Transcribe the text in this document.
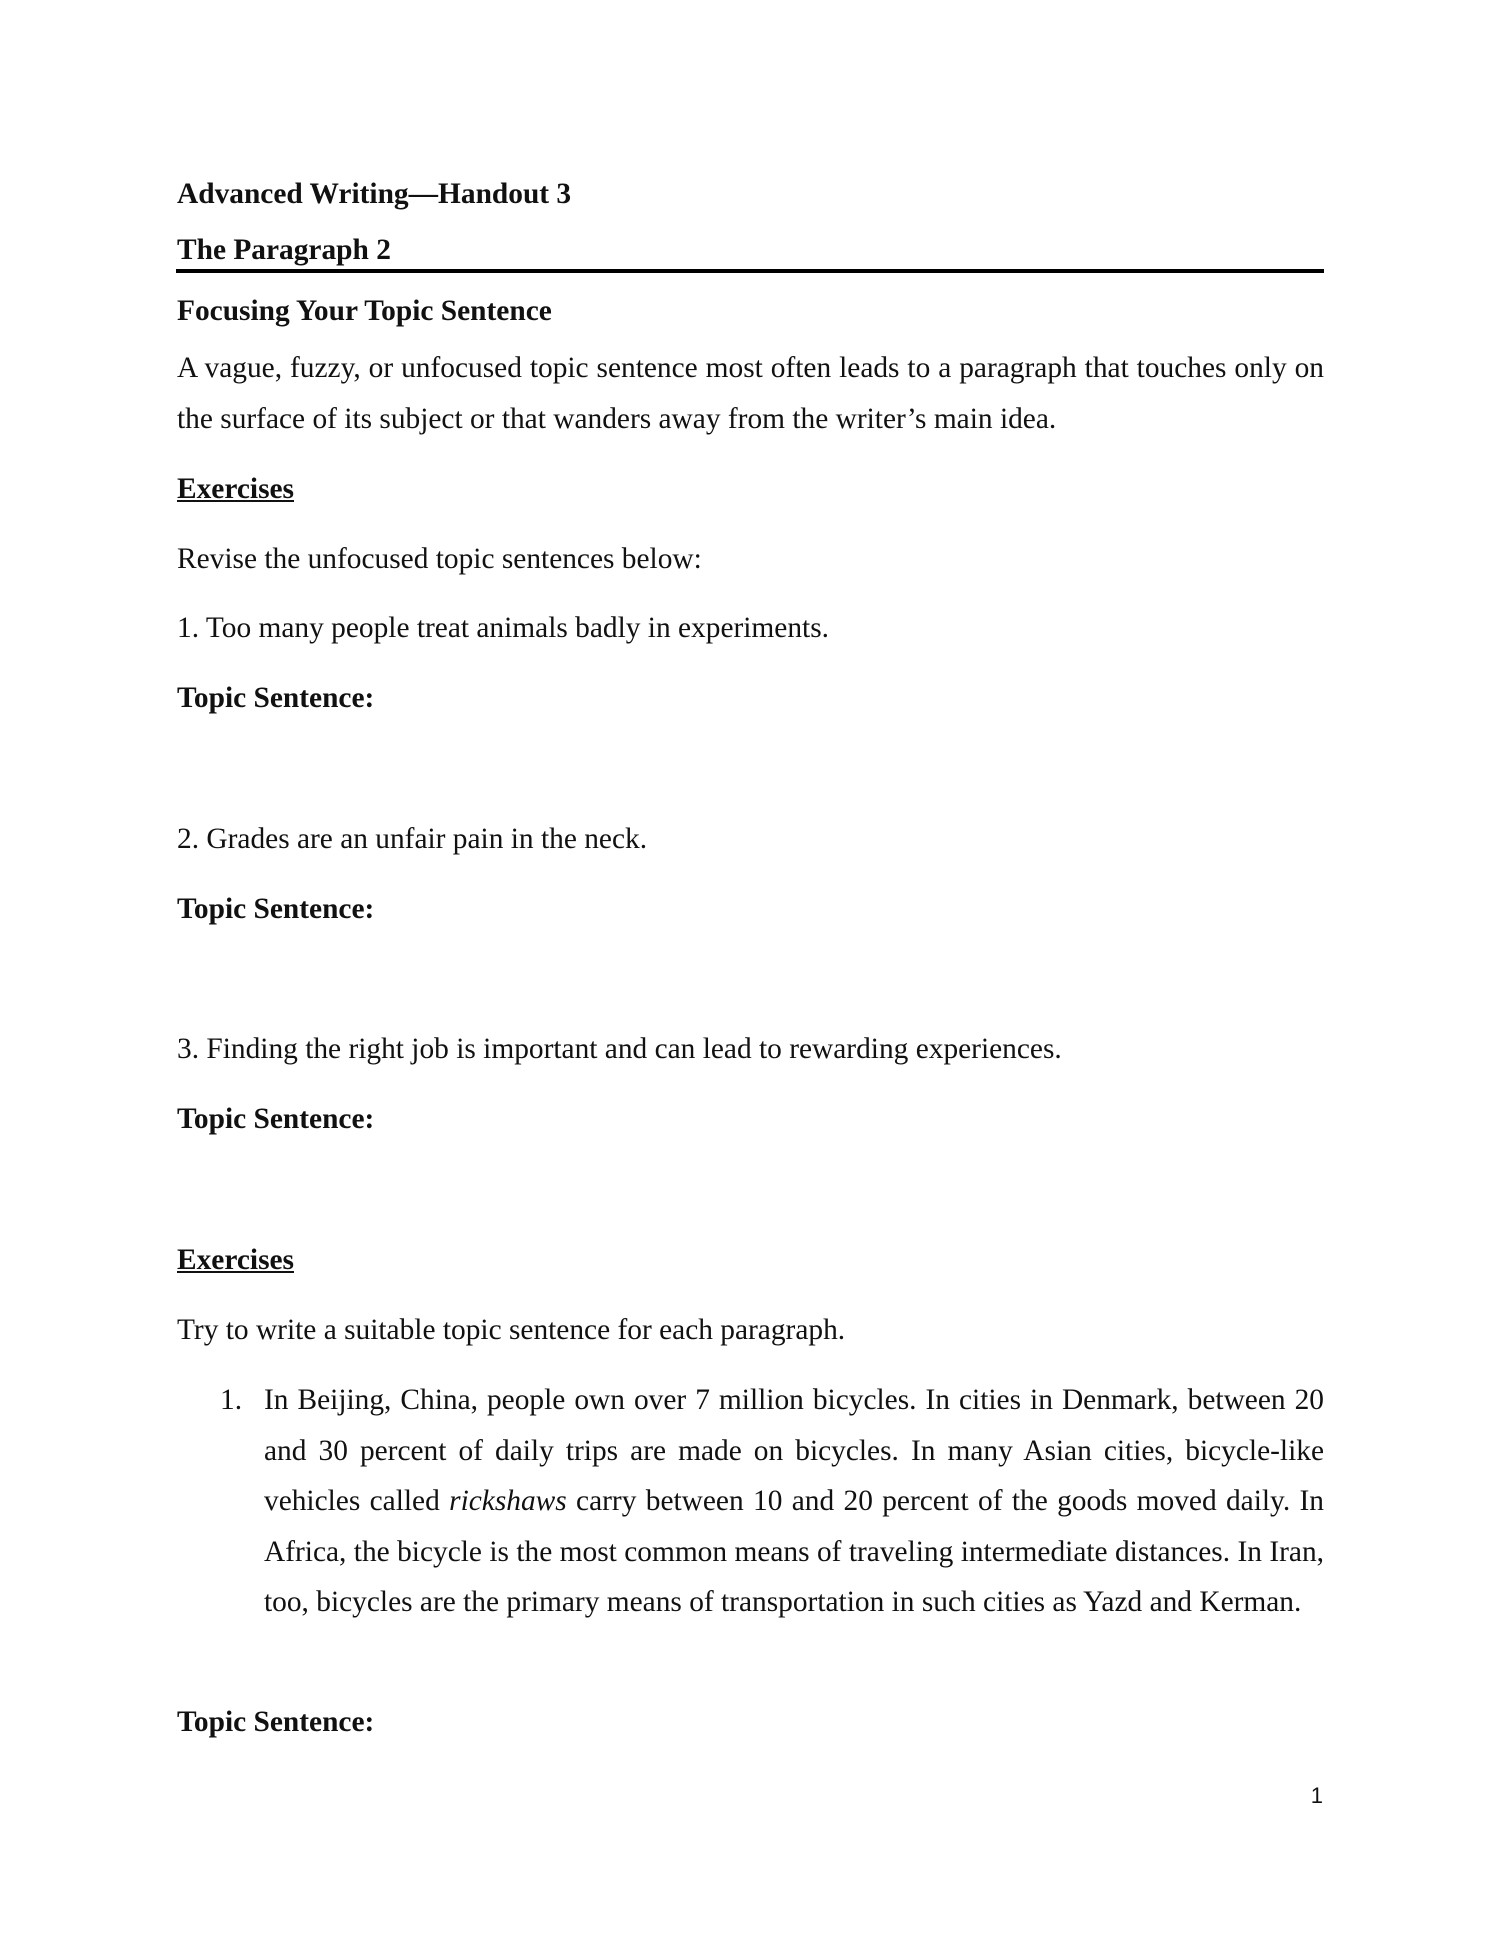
Advanced Writing—Handout 3
The Paragraph 2
Focusing Your Topic Sentence

A vague, fuzzy, or unfocused topic sentence most often leads to a paragraph that touches only on the surface of its subject or that wanders away from the writer’s main idea.

Exercises
Revise the unfocused topic sentences below:
1. Too many people treat animals badly in experiments.
Topic Sentence:
2. Grades are an unfair pain in the neck.
Topic Sentence:
3. Finding the right job is important and can lead to rewarding experiences.
Topic Sentence:
Exercises
Try to write a suitable topic sentence for each paragraph.
1. In Beijing, China, people own over 7 million bicycles. In cities in Denmark, between 20 and 30 percent of daily trips are made on bicycles. In many Asian cities, bicycle-like vehicles called rickshaws carry between 10 and 20 percent of the goods moved daily. In Africa, the bicycle is the most common means of traveling intermediate distances. In Iran, too, bicycles are the primary means of transportation in such cities as Yazd and Kerman.
Topic Sentence:
1
